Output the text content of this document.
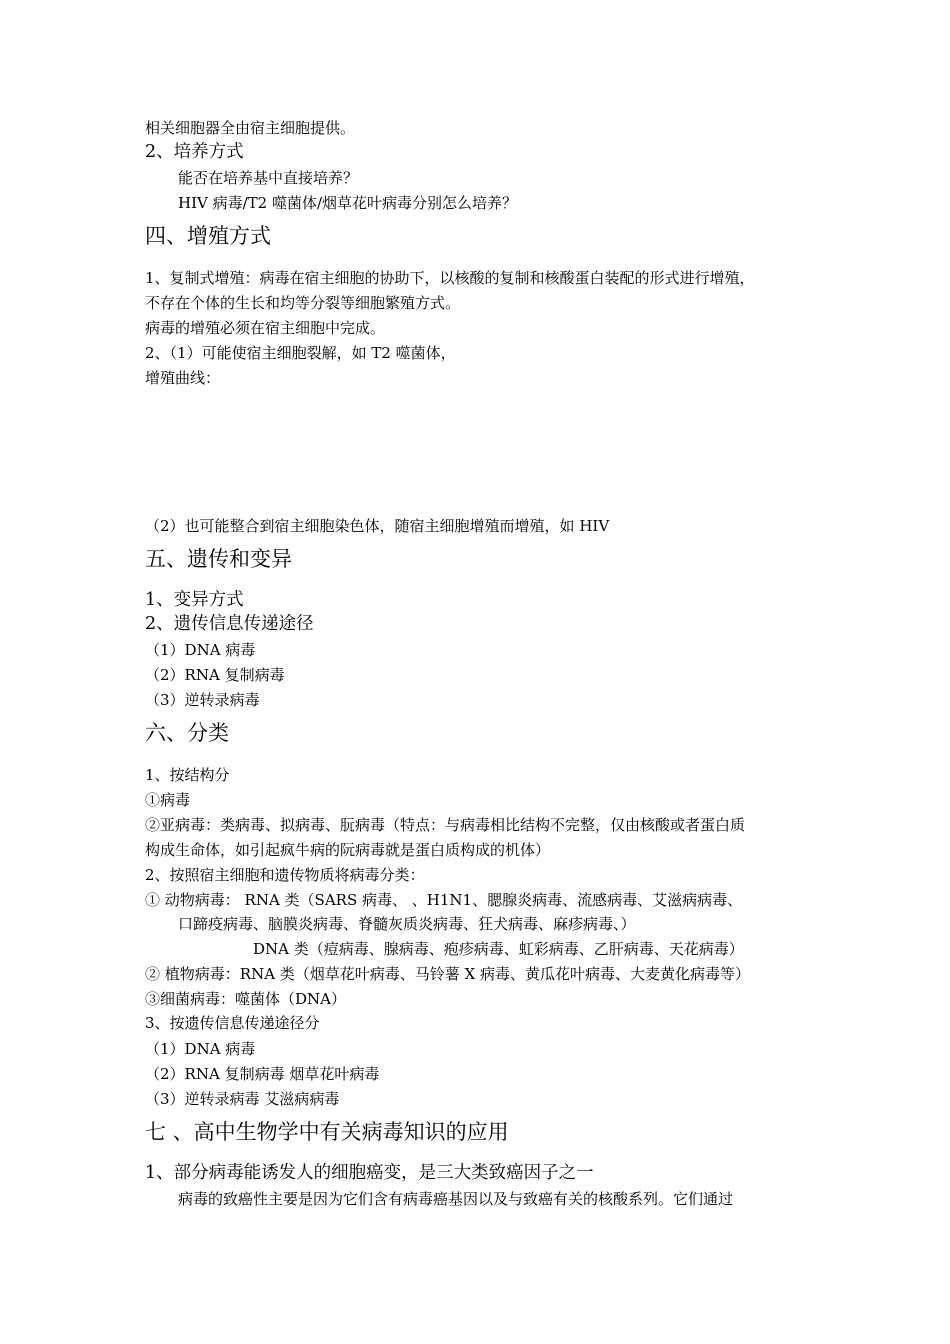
相关细胞器全由宿主细胞提供。
2、培养方式
能否在培养基中直接培养？
HIV 病毒/T2 噬菌体/烟草花叶病毒分别怎么培养？
四、增殖方式
1、复制式增殖：病毒在宿主细胞的协助下，以核酸的复制和核酸蛋白装配的形式进行增殖，
不存在个体的生长和均等分裂等细胞繁殖方式。
病毒的增殖必须在宿主细胞中完成。
2、（1）可能使宿主细胞裂解，如 T2 噬菌体，
增殖曲线：
（2）也可能整合到宿主细胞染色体，随宿主细胞增殖而增殖，如 HIV
五、遗传和变异
1、变异方式
2、遗传信息传递途径
（1）DNA 病毒
（2）RNA 复制病毒
（3）逆转录病毒
六、分类
1、按结构分
①病毒
②亚病毒：类病毒、拟病毒、朊病毒（特点：与病毒相比结构不完整，仅由核酸或者蛋白质
构成生命体，如引起疯牛病的阮病毒就是蛋白质构成的机体）
2、按照宿主细胞和遗传物质将病毒分类：
① 动物病毒： RNA 类（SARS 病毒、 、H1N1、腮腺炎病毒、流感病毒、艾滋病病毒、
口蹄疫病毒、脑膜炎病毒、脊髓灰质炎病毒、狂犬病毒、麻疹病毒、）
DNA 类（痘病毒、腺病毒、疱疹病毒、虹彩病毒、乙肝病毒、天花病毒）
② 植物病毒：RNA 类（烟草花叶病毒、马铃薯 X 病毒、黄瓜花叶病毒、大麦黄化病毒等）
③细菌病毒：噬菌体（DNA）
3、按遗传信息传递途径分
（1）DNA 病毒
（2）RNA 复制病毒 烟草花叶病毒
（3）逆转录病毒 艾滋病病毒
七 、高中生物学中有关病毒知识的应用
1、部分病毒能诱发人的细胞癌变，是三大类致癌因子之一
病毒的致癌性主要是因为它们含有病毒癌基因以及与致癌有关的核酸系列。它们通过
